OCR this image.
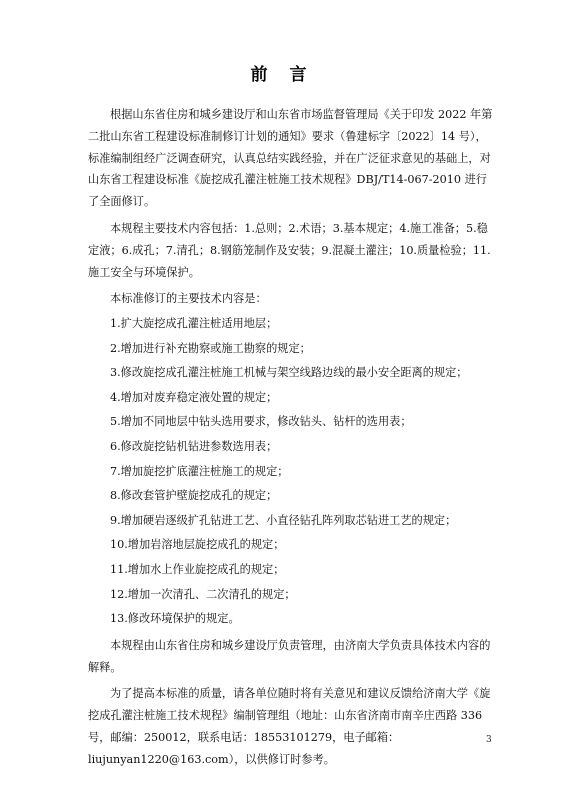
前 言

根据山东省住房和城乡建设厅和山东省市场监督管理局《关于印发 2022 年第二批山东省工程建设标准制修订计划的通知》要求（鲁建标字〔2022〕14 号），标准编制组经广泛调查研究，认真总结实践经验，并在广泛征求意见的基础上，对山东省工程建设标准《旋挖成孔灌注桩施工技术规程》DBJ/T14-067-2010 进行了全面修订。

本规程主要技术内容包括：1.总则；2.术语；3.基本规定；4.施工准备；5.稳定液；6.成孔；7.清孔；8.钢筋笼制作及安装；9.混凝土灌注；10.质量检验；11.施工安全与环境保护。

本标准修订的主要技术内容是：

1.扩大旋挖成孔灌注桩适用地层；

2.增加进行补充勘察或施工勘察的规定；

3.修改旋挖成孔灌注桩施工机械与架空线路边线的最小安全距离的规定；

4.增加对废弃稳定液处置的规定；

5.增加不同地层中钻头选用要求，修改钻头、钻杆的选用表；

6.修改旋挖钻机钻进参数选用表；

7.增加旋挖扩底灌注桩施工的规定；

8.修改套管护壁旋挖成孔的规定；

9.增加硬岩逐级扩孔钻进工艺、小直径钻孔阵列取芯钻进工艺的规定；

10.增加岩溶地层旋挖成孔的规定；

11.增加水上作业旋挖成孔的规定；

12.增加一次清孔、二次清孔的规定；

13.修改环境保护的规定。

本规程由山东省住房和城乡建设厅负责管理，由济南大学负责具体技术内容的解释。

为了提高本标准的质量，请各单位随时将有关意见和建议反馈给济南大学《旋挖成孔灌注桩施工技术规程》编制管理组（地址：山东省济南市南辛庄西路 336 号，邮编：250012，联系电话：18553101279，电子邮箱：liujunyan1220@163.com），以供修订时参考。

3
